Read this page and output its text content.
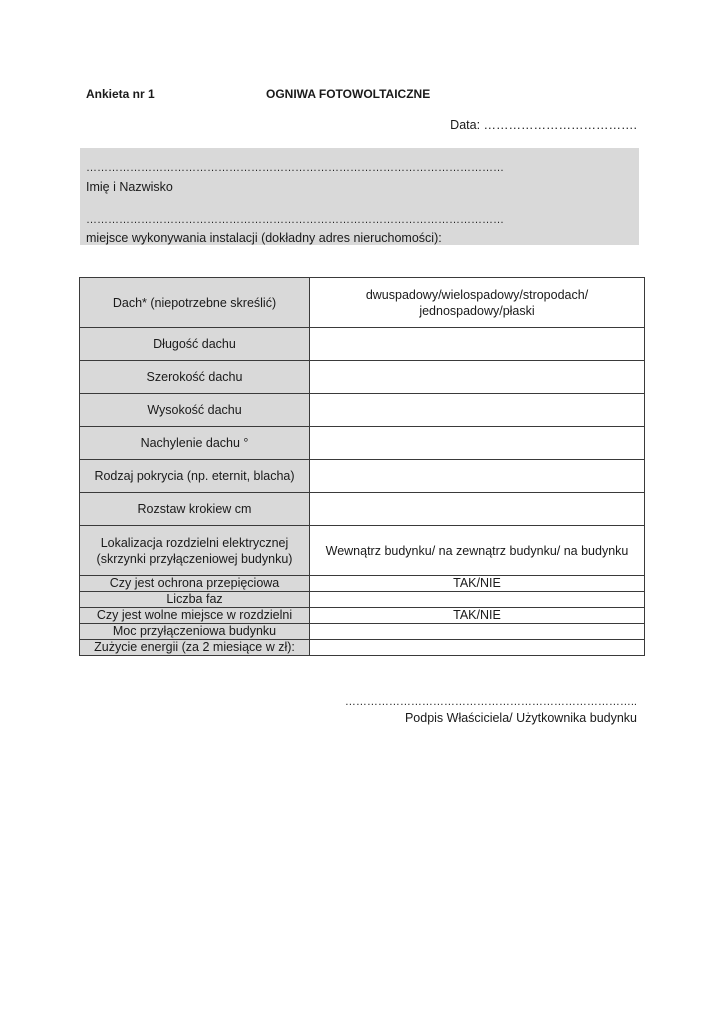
Ankieta nr 1	OGNIWA FOTOWOLTAICZNE
Data: ……………………………….
……………………………………………………………………………………………………
Imię i Nazwisko
……………………………………………………………………………………………………
miejsce wykonywania instalacji (dokładny adres nieruchomości):
Dach* (niepotrzebne skreślić)	dwuspadowy/wielospadowy/stropodach/ jednospadowy/płaski
Długość dachu	
Szerokość dachu	
Wysokość dachu	
Nachylenie dachu °	
Rodzaj pokrycia (np. eternit, blacha)	
Rozstaw krokiew cm	
Lokalizacja rozdzielni elektrycznej (skrzynki przyłączeniowej budynku)	Wewnątrz budynku/ na zewnątrz budynku/ na budynku
Czy jest ochrona przepięciowa	TAK/NIE
Liczba faz	
Czy jest wolne miejsce w rozdzielni	TAK/NIE
Moc przyłączeniowa budynku	
Zużycie energii (za 2 miesiące w zł):	
……………………………………………………………………..
Podpis Właściciela/ Użytkownika budynku
